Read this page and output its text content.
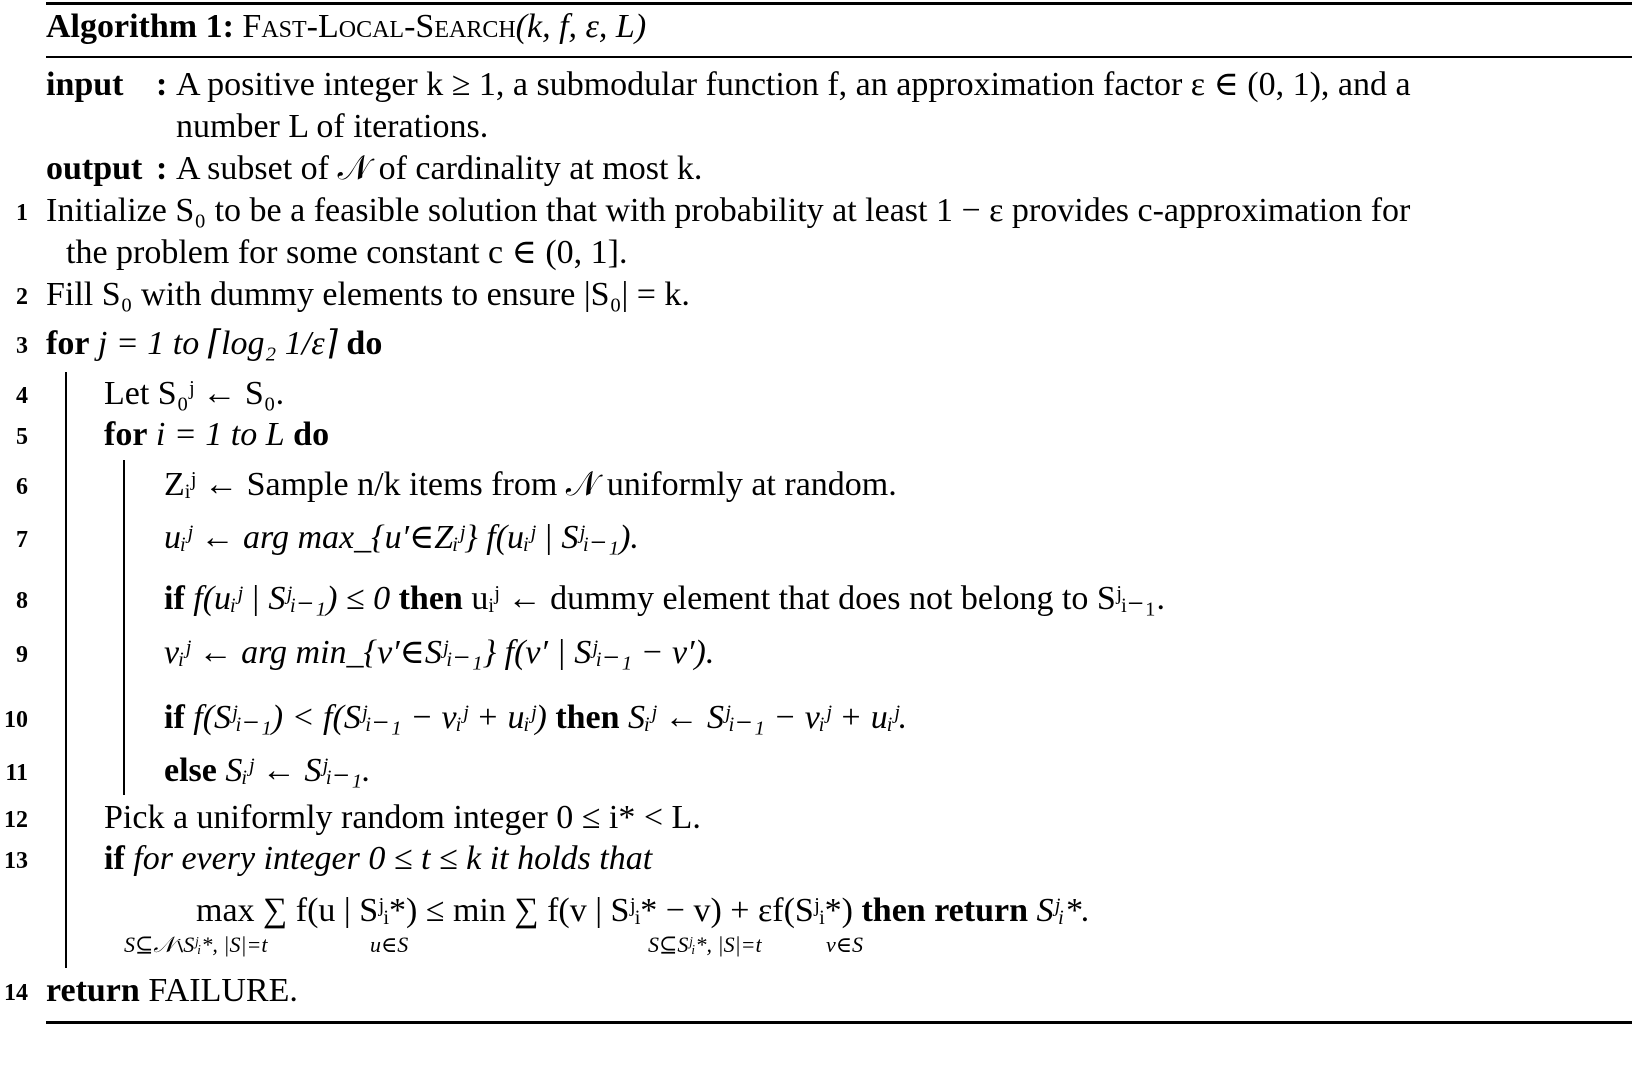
Algorithm 1: Fast-Local-Search(k, f, ε, L)
input : A positive integer k ≥ 1, a submodular function f, an approximation factor ε ∈ (0, 1), and a
number L of iterations.
output : A subset of 𝒩 of cardinality at most k.
1 Initialize S₀ to be a feasible solution that with probability at least 1 − ε provides c-approximation for
the problem for some constant c ∈ (0, 1].
2 Fill S₀ with dummy elements to ensure |S₀| = k.
3 for j = 1 to ⌈log₂ 1/ε⌉ do
4 Let S₀ʲ ← S₀.
5 for i = 1 to L do
6	Zᵢʲ ← Sample n/k items from 𝒩 uniformly at random.
7	uᵢʲ ← arg max_{u′∈Zᵢʲ} f(uᵢʲ | Sʲᵢ₋₁).
8	if f(uᵢʲ | Sʲᵢ₋₁) ≤ 0 then uᵢʲ ← dummy element that does not belong to Sʲᵢ₋₁.
9	vᵢʲ ← arg min_{v′∈Sʲᵢ₋₁} f(v′ | Sʲᵢ₋₁ − v′).
10	if f(Sʲᵢ₋₁) < f(Sʲᵢ₋₁ − vᵢʲ + uᵢʲ) then Sᵢʲ ← Sʲᵢ₋₁ − vᵢʲ + uᵢʲ.
11	else Sᵢʲ ← Sʲᵢ₋₁.
12 Pick a uniformly random integer 0 ≤ i* < L.
13 if for every integer 0 ≤ t ≤ k it holds that
max ∑ f(u | Sʲᵢ*) ≤ min ∑ f(v | Sʲᵢ* − v) + εf(Sʲᵢ*) then return Sʲᵢ*.
S⊆𝒩∖Sʲᵢ*, |S|=t	u∈S	S⊆Sʲᵢ*, |S|=t	v∈S
14 return FAILURE.
